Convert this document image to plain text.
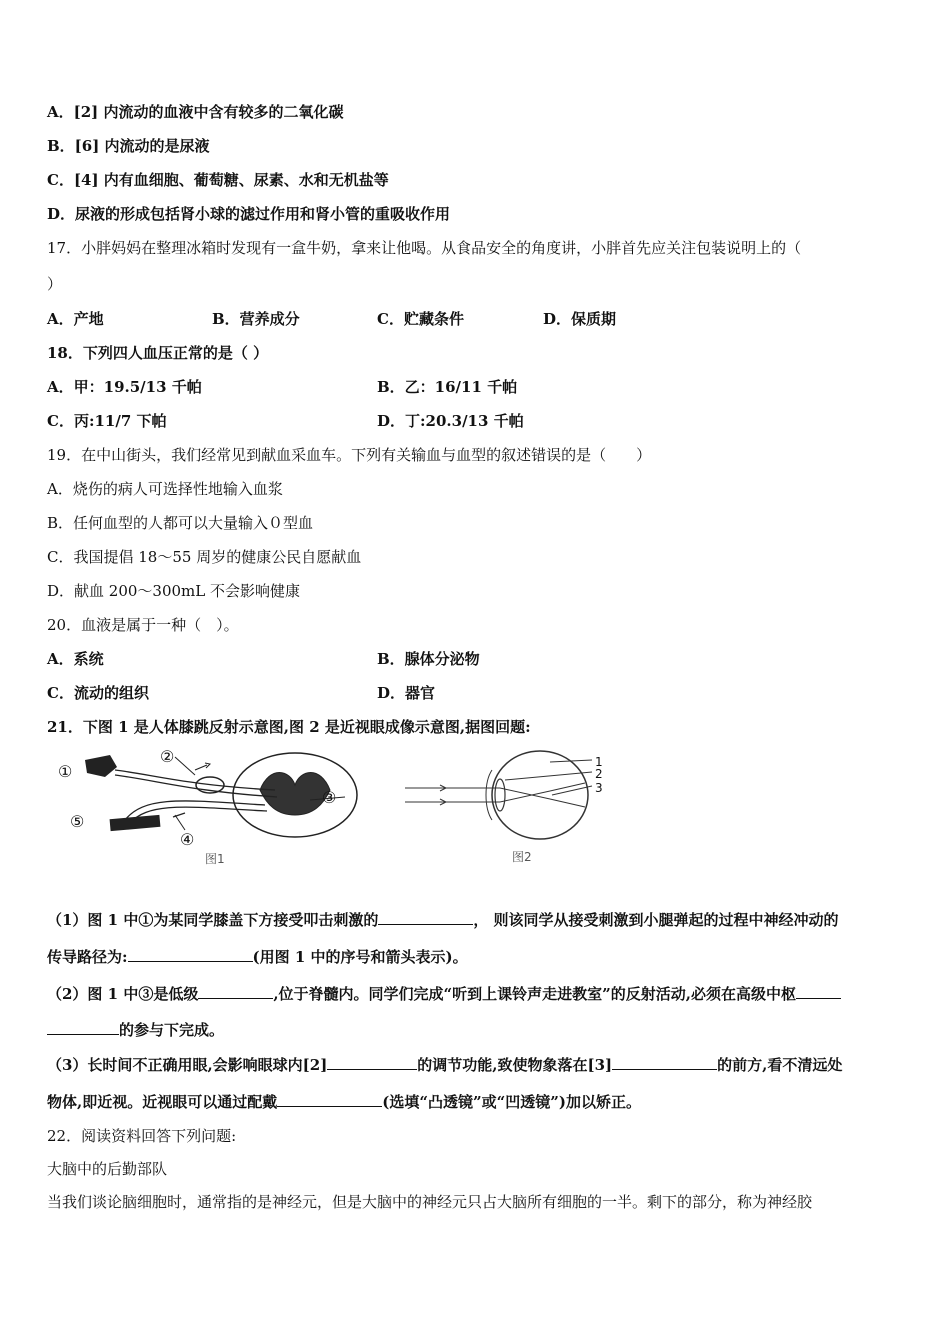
A．[2] 内流动的血液中含有较多的二氧化碳
B．[6] 内流动的是尿液
C．[4] 内有血细胞、葡萄糖、尿素、水和无机盐等
D．尿液的形成包括肾小球的滤过作用和肾小管的重吸收作用
17．小胖妈妈在整理冰箱时发现有一盒牛奶，拿来让他喝。从食品安全的角度讲，小胖首先应关注包装说明上的（
）
A．产地	B．营养成分	C．贮藏条件	D．保质期
18．下列四人血压正常的是（ ）
A．甲：19.5/13 千帕	B．乙：16/11 千帕
C．丙:11/7 下帕	D．丁:20.3/13 千帕
19．在中山街头，我们经常见到献血采血车。下列有关输血与血型的叙述错误的是（　　）
A．烧伤的病人可选择性地输入血浆
B．任何血型的人都可以大量输入０型血
C．我国提倡 18～55 周岁的健康公民自愿献血
D．献血 200～300mL 不会影响健康
20．血液是属于一种（　）。
A．系统	B．腺体分泌物
C．流动的组织	D．器官
21．下图 1 是人体膝跳反射示意图,图 2 是近视眼成像示意图,据图回题:
①
②
③
④
⑤
图1
1
2
3
图2
（1）图 1 中①为某同学膝盖下方接受叩击刺激的	， 则该同学从接受刺激到小腿弹起的过程中神经冲动的
传导路径为:	(用图 1 中的序号和箭头表示)。
（2）图 1 中③是低级	,位于脊髓内。同学们完成“听到上课铃声走进教室”的反射活动,必须在高级中枢
的参与下完成。
（3）长时间不正确用眼,会影响眼球内[2]	的调节功能,致使物象落在[3]	的前方,看不清远处
物体,即近视。近视眼可以通过配戴	(选填“凸透镜”或“凹透镜”)加以矫正。
22．阅读资料回答下列问题:
大脑中的后勤部队
当我们谈论脑细胞时，通常指的是神经元，但是大脑中的神经元只占大脑所有细胞的一半。剩下的部分，称为神经胶
